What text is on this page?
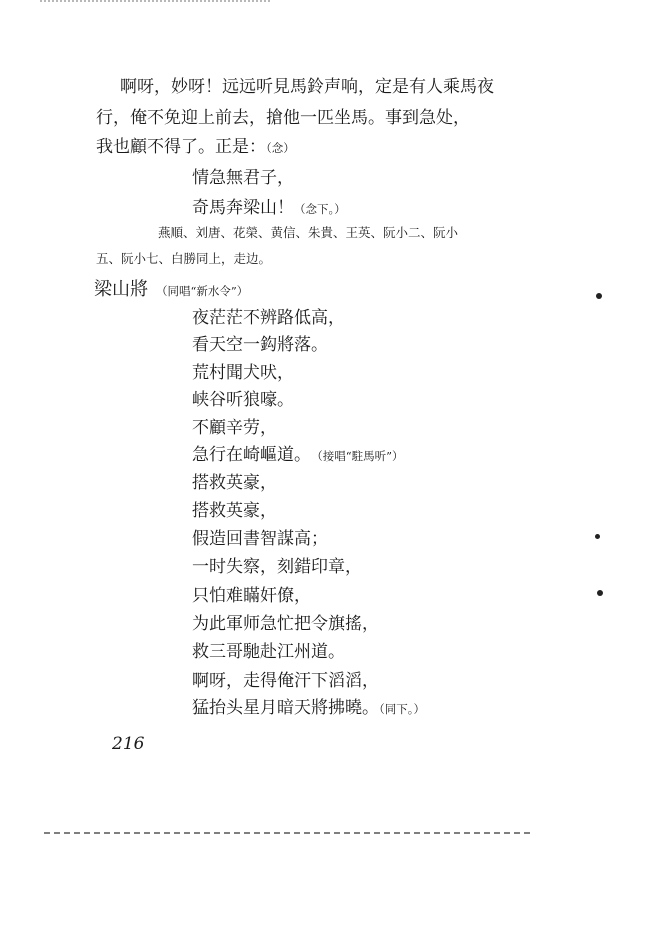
啊呀，妙呀！远远听見馬鈴声响，定是有人乘馬夜
行，俺不免迎上前去，搶他一匹坐馬。事到急处，
我也顧不得了。正是：（念）
情急無君子，
奇馬奔梁山！（念下。）
燕順、刘唐、花榮、黄信、朱貴、王英、阮小二、阮小
五、阮小七、白勝同上，走边。
梁山將 （同唱“新水令”）
夜茫茫不辨路低高，
看天空一鈎將落。
荒村聞犬吠，
峡谷听狼嚎。
不顧辛劳，
急行在崎嶇道。 （接唱“駐馬听”）
搭救英豪，
搭救英豪，
假造回書智謀高；
一时失察，刻錯印章，
只怕难瞞奸僚，
为此軍师急忙把令旗搖，
救三哥馳赴江州道。
啊呀，走得俺汗下滔滔，
猛抬头星月暗天將拂曉。（同下。）
216
